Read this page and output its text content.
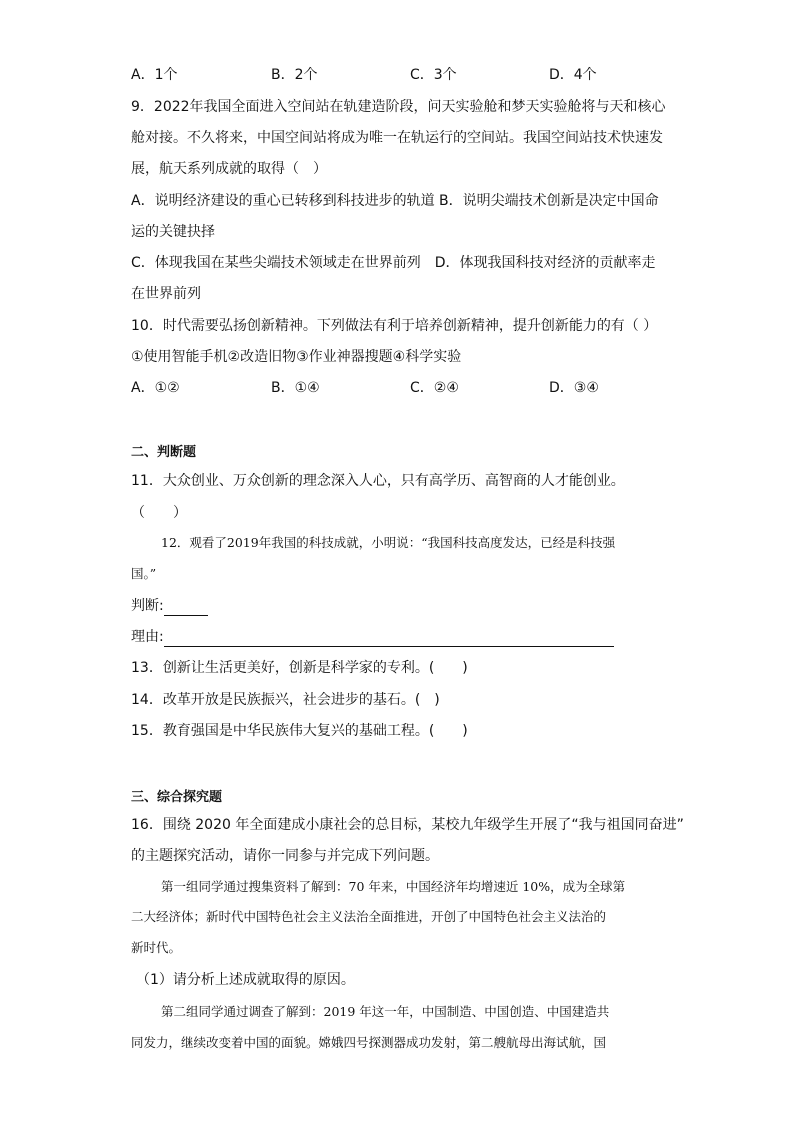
A．1个	B．2个	C．3个	D．4个
9．2022年我国全面进入空间站在轨建造阶段，问天实验舱和梦天实验舱将与天和核心
舱对接。不久将来，中国空间站将成为唯一在轨运行的空间站。我国空间站技术快速发
展，航天系列成就的取得（　）
A．说明经济建设的重心已转移到科技进步的轨道 B．说明尖端技术创新是决定中国命
运的关键抉择
C．体现我国在某些尖端技术领域走在世界前列　D．体现我国科技对经济的贡献率走
在世界前列
10．时代需要弘扬创新精神。下列做法有利于培养创新精神，提升创新能力的有（ ）
①使用智能手机②改造旧物③作业神器搜题④科学实验
A．①②	B．①④	C．②④	D．③④
二、判断题
11．大众创业、万众创新的理念深入人心，只有高学历、高智商的人才能创业。
（　　）
12．观看了2019年我国的科技成就，小明说：“我国科技高度发达，已经是科技强
国。”
判断:
理由:
13．创新让生活更美好，创新是科学家的专利。(　　)
14．改革开放是民族振兴，社会进步的基石。(　)
15．教育强国是中华民族伟大复兴的基础工程。(　　)
三、综合探究题
16．围绕 2020 年全面建成小康社会的总目标，某校九年级学生开展了“我与祖国同奋进”
的主题探究活动，请你一同参与并完成下列问题。
第一组同学通过搜集资料了解到：70 年来，中国经济年均增速近 10%，成为全球第
二大经济体；新时代中国特色社会主义法治全面推进，开创了中国特色社会主义法治的
新时代。
（1）请分析上述成就取得的原因。
第二组同学通过调查了解到：2019 年这一年，中国制造、中国创造、中国建造共
同发力，继续改变着中国的面貌。嫦娥四号探测器成功发射，第二艘航母出海试航，国
